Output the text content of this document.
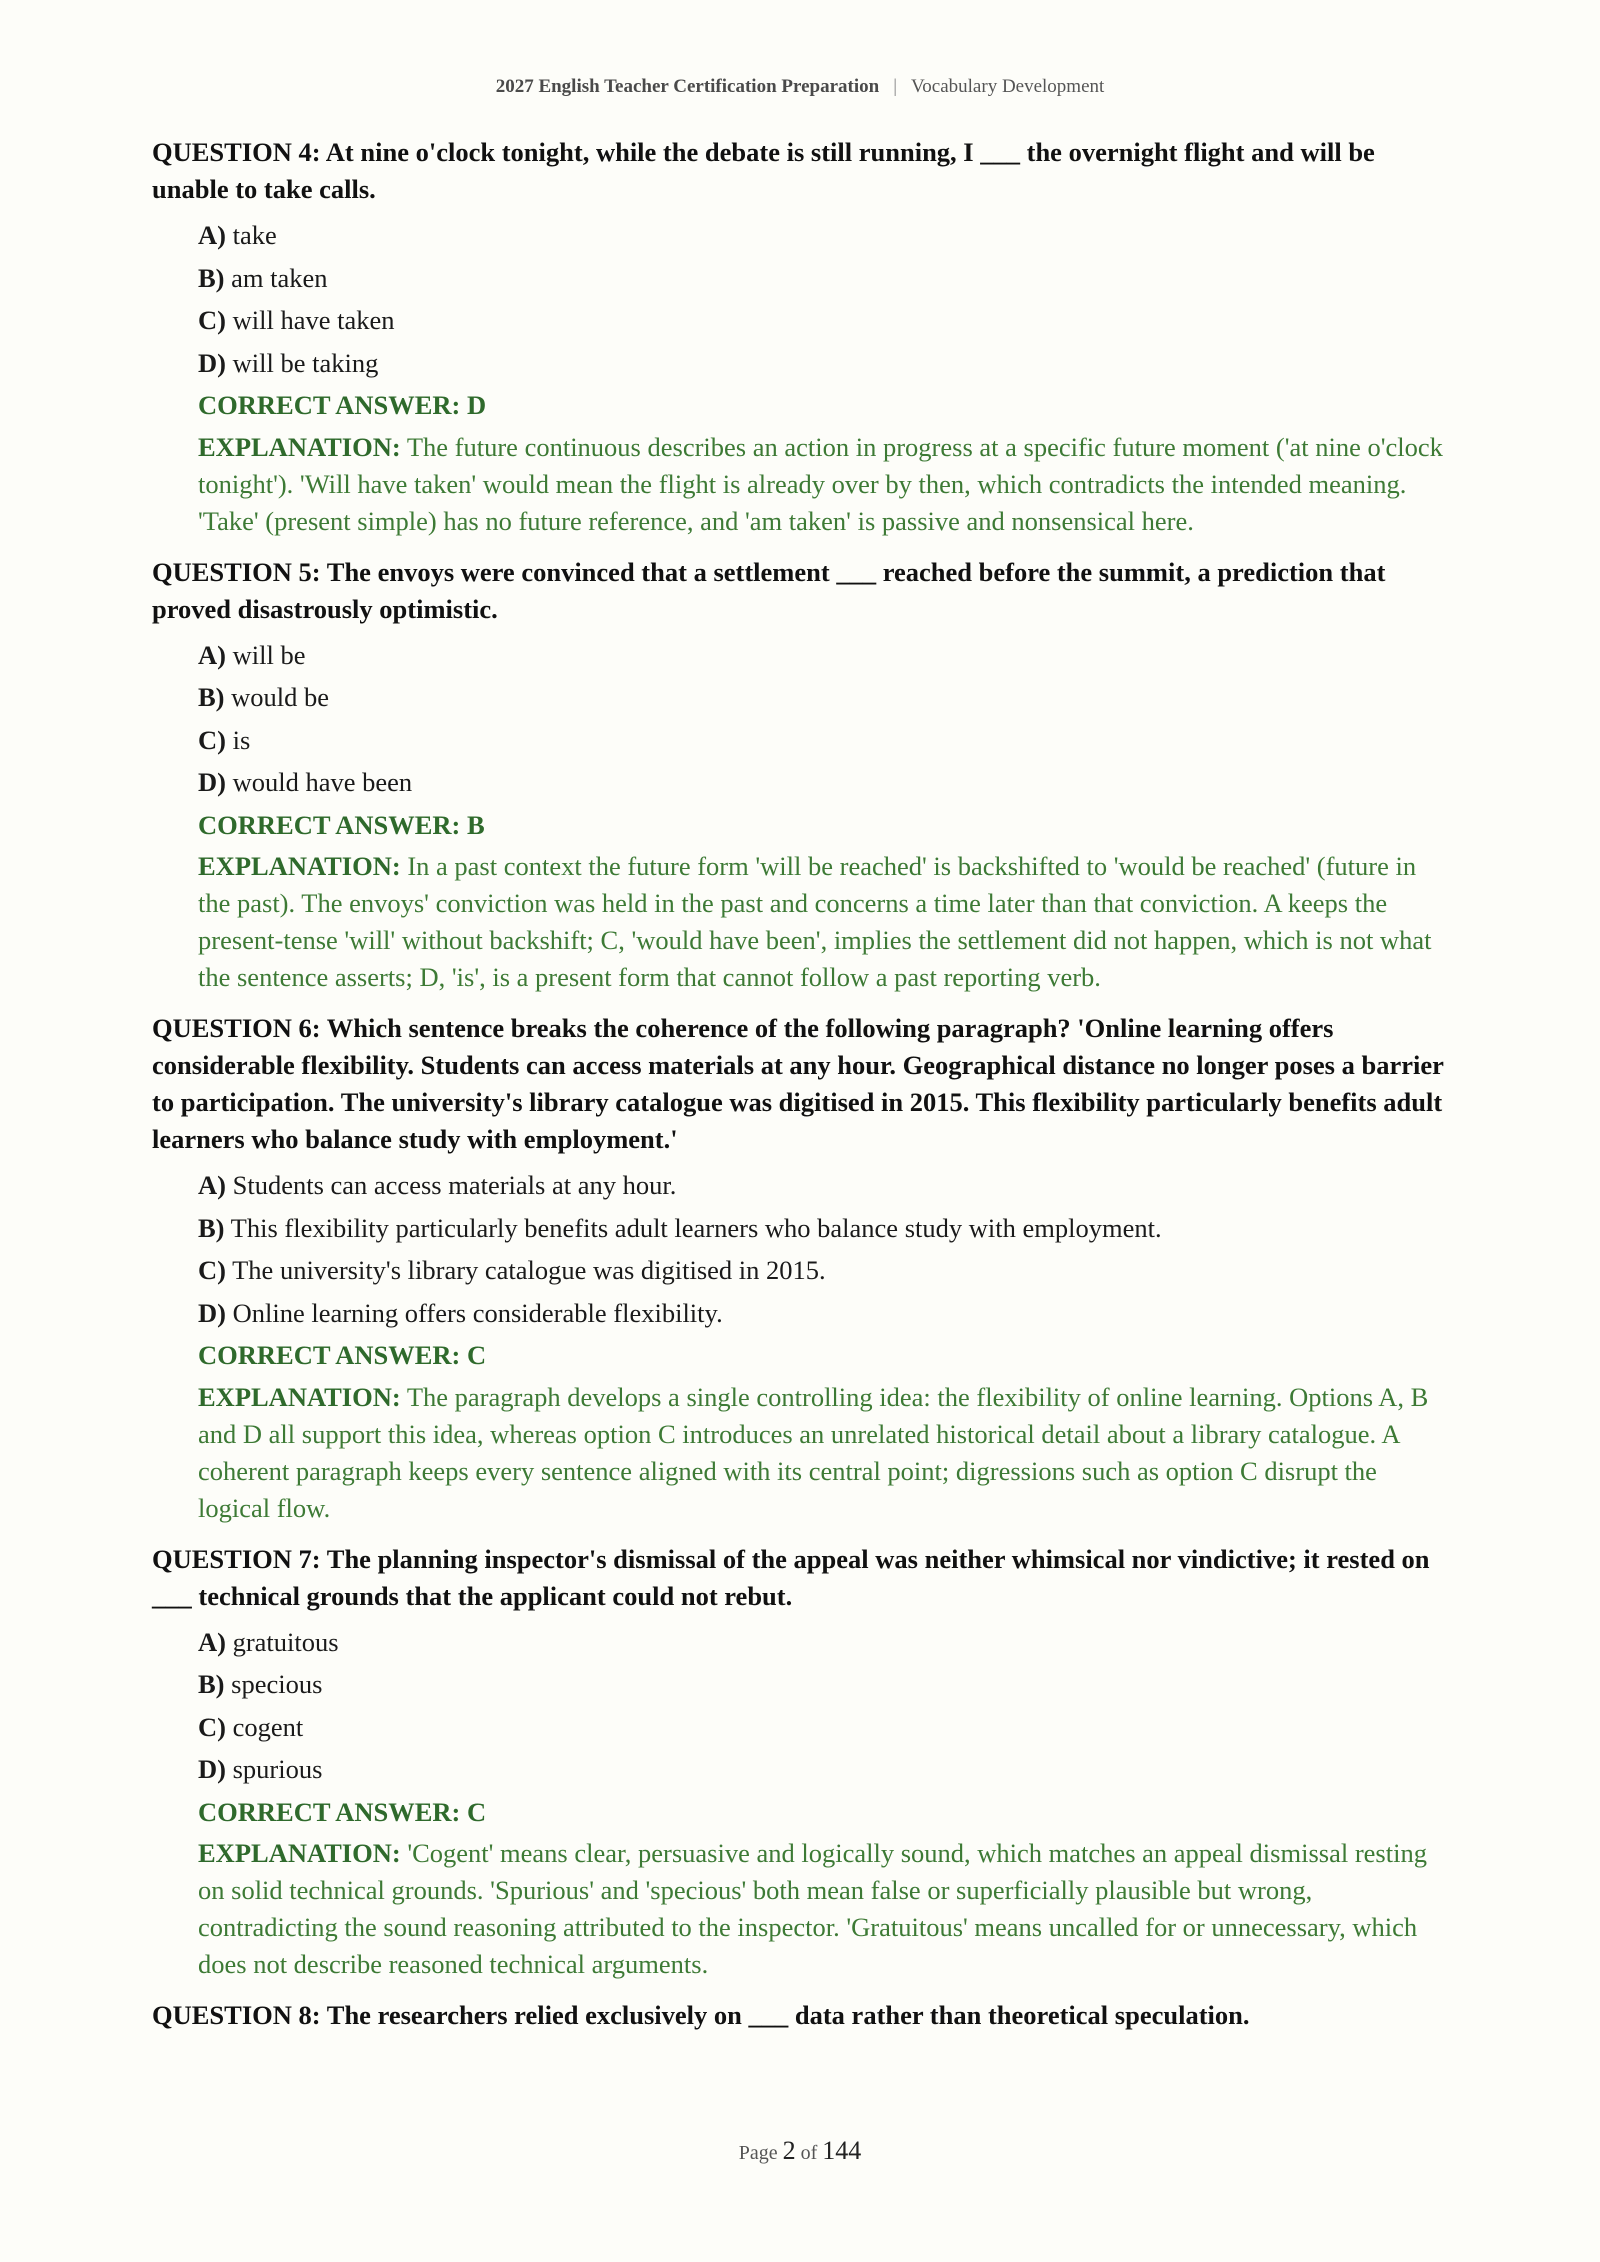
2027 English Teacher Certification Preparation | Vocabulary Development
QUESTION 4: At nine o'clock tonight, while the debate is still running, I ___ the overnight flight and will be unable to take calls.
A) take
B) am taken
C) will have taken
D) will be taking
CORRECT ANSWER: D
EXPLANATION: The future continuous describes an action in progress at a specific future moment ('at nine o'clock tonight'). 'Will have taken' would mean the flight is already over by then, which contradicts the intended meaning. 'Take' (present simple) has no future reference, and 'am taken' is passive and nonsensical here.
QUESTION 5: The envoys were convinced that a settlement ___ reached before the summit, a prediction that proved disastrously optimistic.
A) will be
B) would be
C) is
D) would have been
CORRECT ANSWER: B
EXPLANATION: In a past context the future form 'will be reached' is backshifted to 'would be reached' (future in the past). The envoys' conviction was held in the past and concerns a time later than that conviction. A keeps the present-tense 'will' without backshift; C, 'would have been', implies the settlement did not happen, which is not what the sentence asserts; D, 'is', is a present form that cannot follow a past reporting verb.
QUESTION 6: Which sentence breaks the coherence of the following paragraph? 'Online learning offers considerable flexibility. Students can access materials at any hour. Geographical distance no longer poses a barrier to participation. The university's library catalogue was digitised in 2015. This flexibility particularly benefits adult learners who balance study with employment.'
A) Students can access materials at any hour.
B) This flexibility particularly benefits adult learners who balance study with employment.
C) The university's library catalogue was digitised in 2015.
D) Online learning offers considerable flexibility.
CORRECT ANSWER: C
EXPLANATION: The paragraph develops a single controlling idea: the flexibility of online learning. Options A, B and D all support this idea, whereas option C introduces an unrelated historical detail about a library catalogue. A coherent paragraph keeps every sentence aligned with its central point; digressions such as option C disrupt the logical flow.
QUESTION 7: The planning inspector's dismissal of the appeal was neither whimsical nor vindictive; it rested on ___ technical grounds that the applicant could not rebut.
A) gratuitous
B) specious
C) cogent
D) spurious
CORRECT ANSWER: C
EXPLANATION: 'Cogent' means clear, persuasive and logically sound, which matches an appeal dismissal resting on solid technical grounds. 'Spurious' and 'specious' both mean false or superficially plausible but wrong, contradicting the sound reasoning attributed to the inspector. 'Gratuitous' means uncalled for or unnecessary, which does not describe reasoned technical arguments.
QUESTION 8: The researchers relied exclusively on ___ data rather than theoretical speculation.
Page 2 of 144
